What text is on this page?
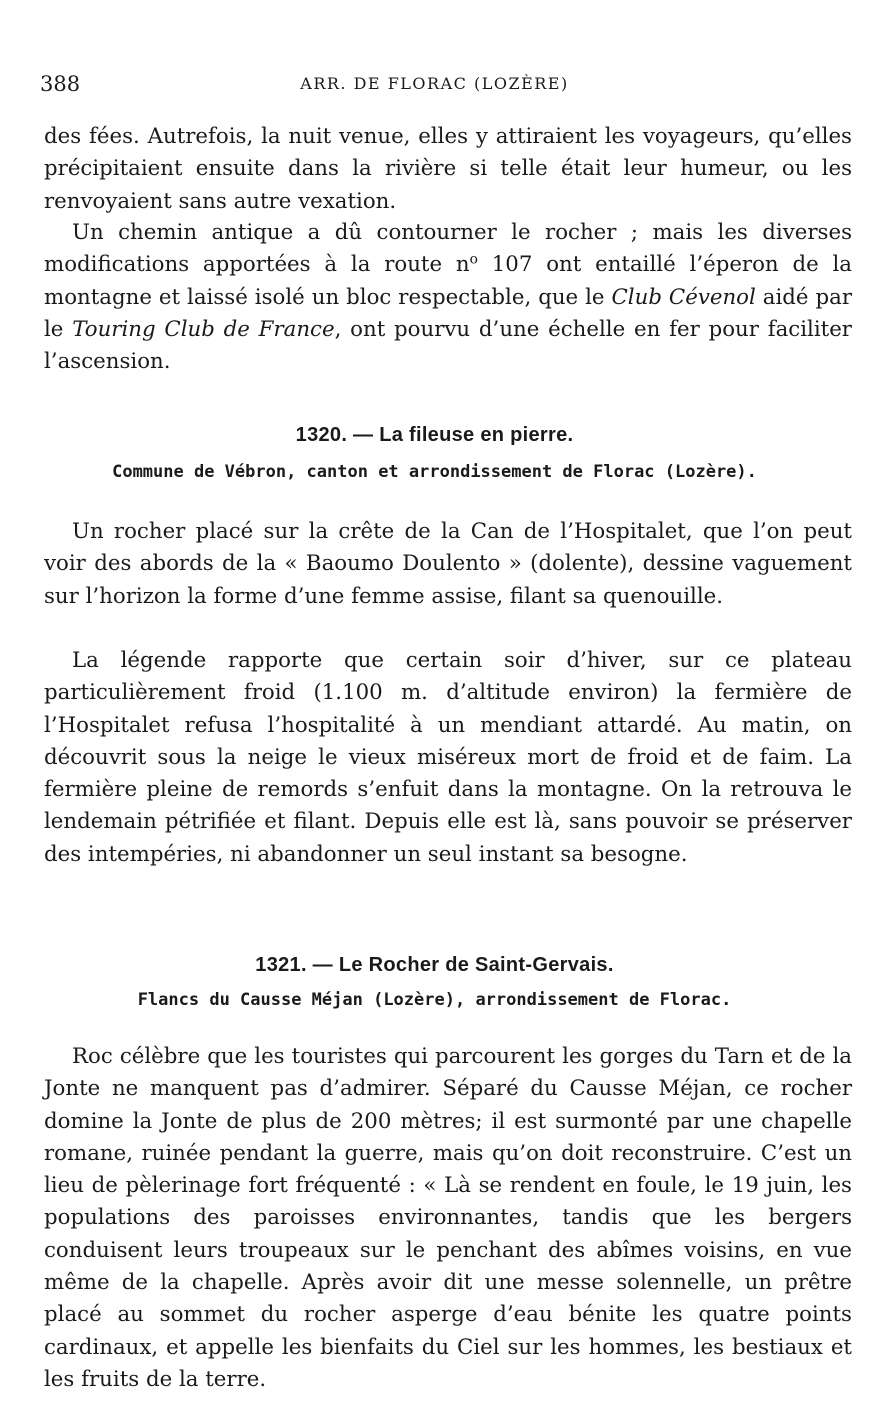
388	ARR. DE FLORAC (LOZÈRE)

des fées. Autrefois, la nuit venue, elles y attiraient les voyageurs, qu’elles précipitaient ensuite dans la rivière si telle était leur humeur, ou les renvoyaient sans autre vexation.

Un chemin antique a dû contourner le rocher ; mais les diverses modifications apportées à la route $n^o$ 107 ont entaillé l’éperon de la montagne et laissé isolé un bloc respectable, que le Club Cévenol aidé par le Touring Club de France, ont pourvu d’une échelle en fer pour faciliter l’ascension.

1320. — La fileuse en pierre.
Commune de Vébron, canton et arrondissement de Florac (Lozère).

Un rocher placé sur la crête de la Can de l’Hospitalet, que l’on peut voir des abords de la « Baoumo Doulento » (dolente), dessine vaguement sur l’horizon la forme d’une femme assise, filant sa quenouille.

La légende rapporte que certain soir d’hiver, sur ce plateau particulièrement froid (1.100 m. d’altitude environ) la fermière de l’Hospitalet refusa l’hospitalité à un mendiant attardé. Au matin, on découvrit sous la neige le vieux miséreux mort de froid et de faim. La fermière pleine de remords s’enfuit dans la montagne. On la retrouva le lendemain pétrifiée et filant. Depuis elle est là, sans pouvoir se préserver des intempéries, ni abandonner un seul instant sa besogne.

1321. — Le Rocher de Saint-Gervais.
Flancs du Causse Méjan (Lozère), arrondissement de Florac.

Roc célèbre que les touristes qui parcourent les gorges du Tarn et de la Jonte ne manquent pas d’admirer. Séparé du Causse Méjan, ce rocher domine la Jonte de plus de 200 mètres; il est surmonté par une chapelle romane, ruinée pendant la guerre, mais qu’on doit reconstruire. C’est un lieu de pèlerinage fort fréquenté : « Là se rendent en foule, le 19 juin, les populations des paroisses environnantes, tandis que les bergers conduisent leurs troupeaux sur le penchant des abîmes voisins, en vue même de la chapelle. Après avoir dit une messe solennelle, un prêtre placé au sommet du rocher asperge d’eau bénite les quatre points cardinaux, et appelle les bienfaits du Ciel sur les hommes, les bestiaux et les fruits de la terre.
